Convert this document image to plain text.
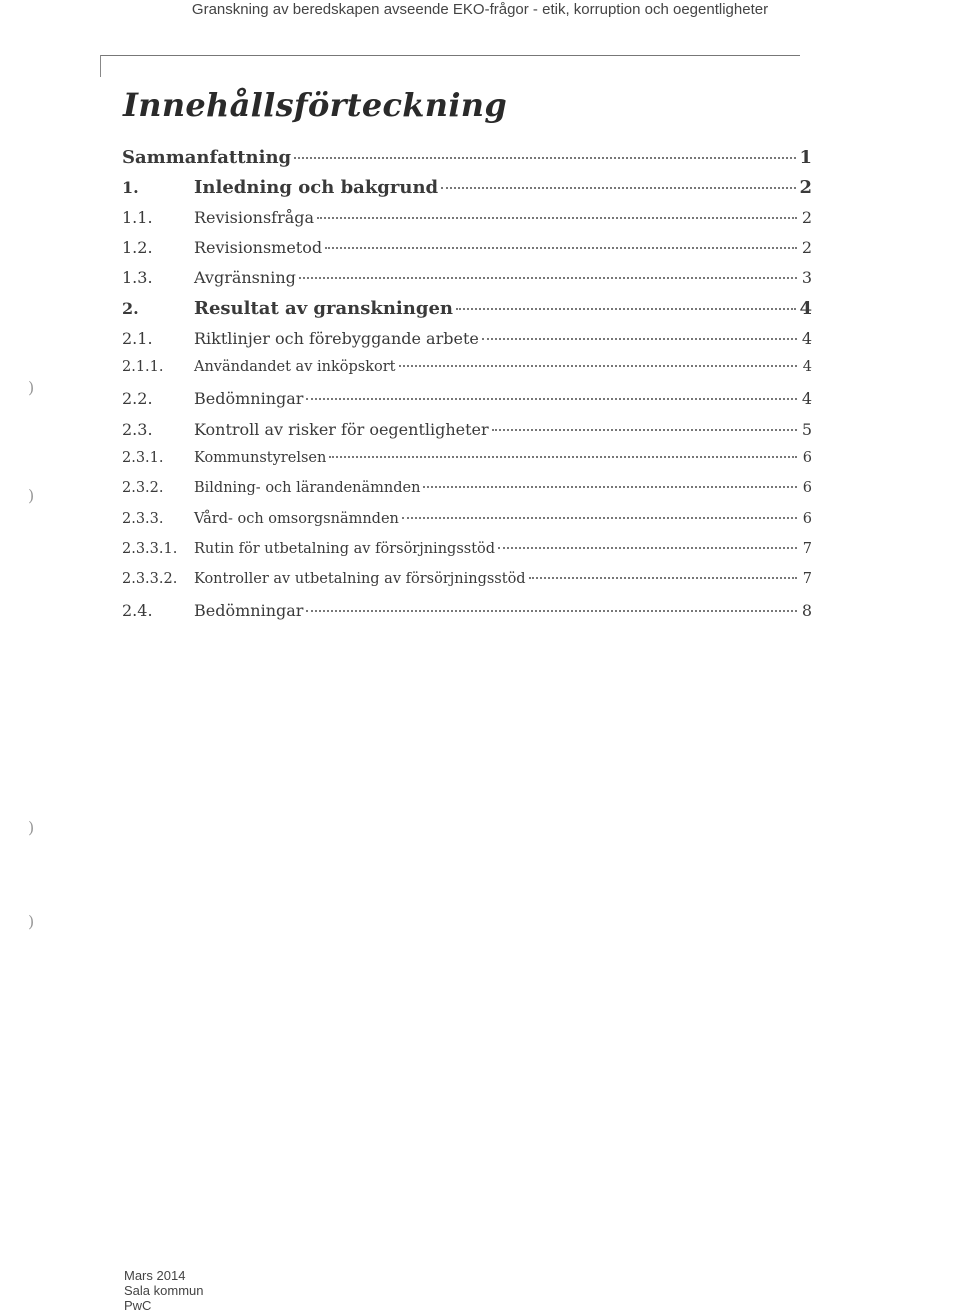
Granskning av beredskapen avseende EKO-frågor - etik, korruption och oegentligheter
)
)
)
)
Innehållsförteckning
Sammanfattning	1
1.	Inledning och bakgrund	2
1.1.	Revisionsfråga	2
1.2.	Revisionsmetod	2
1.3.	Avgränsning	3
2.	Resultat av granskningen	4
2.1.	Riktlinjer och förebyggande arbete	4
2.1.1.	Användandet av inköpskort	4
2.2.	Bedömningar	4
2.3.	Kontroll av risker för oegentligheter	5
2.3.1.	Kommunstyrelsen	6
2.3.2.	Bildning- och lärandenämnden	6
2.3.3.	Vård- och omsorgsnämnden	6
2.3.3.1.	Rutin för utbetalning av försörjningsstöd	7
2.3.3.2.	Kontroller av utbetalning av försörjningsstöd	7
2.4.	Bedömningar	8
Mars 2014
Sala kommun
PwC
